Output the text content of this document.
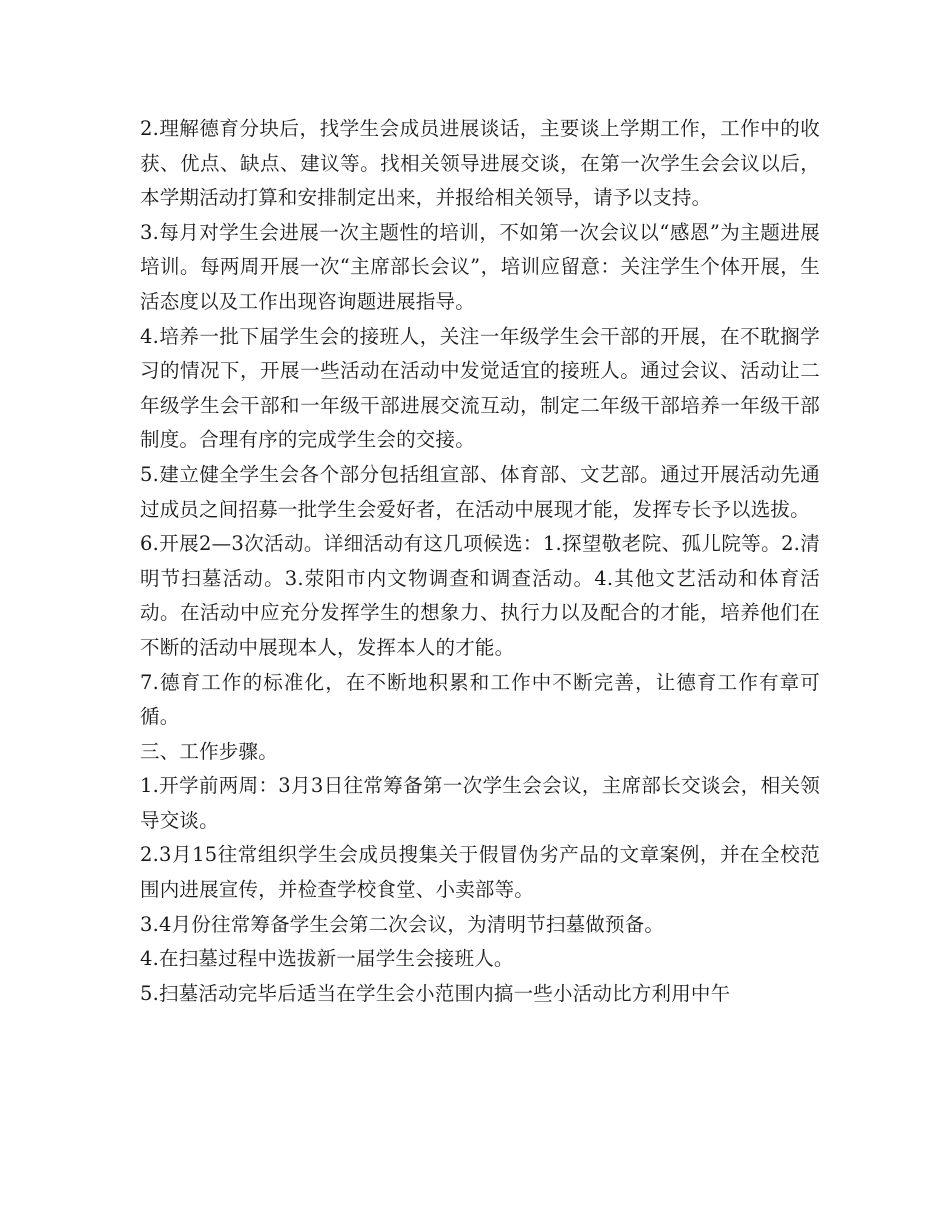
2.理解德育分块后，找学生会成员进展谈话，主要谈上学期工作，工作中的收获、优点、缺点、建议等。找相关领导进展交谈，在第一次学生会会议以后，本学期活动打算和安排制定出来，并报给相关领导，请予以支持。

3.每月对学生会进展一次主题性的培训，不如第一次会议以“感恩”为主题进展培训。每两周开展一次“主席部长会议”，培训应留意：关注学生个体开展，生活态度以及工作出现咨询题进展指导。

4.培养一批下届学生会的接班人，关注一年级学生会干部的开展，在不耽搁学习的情况下，开展一些活动在活动中发觉适宜的接班人。通过会议、活动让二年级学生会干部和一年级干部进展交流互动，制定二年级干部培养一年级干部制度。合理有序的完成学生会的交接。

5.建立健全学生会各个部分包括组宣部、体育部、文艺部。通过开展活动先通过成员之间招募一批学生会爱好者，在活动中展现才能，发挥专长予以选拔。

6.开展2—3次活动。详细活动有这几项候选：1.探望敬老院、孤儿院等。2.清明节扫墓活动。3.荥阳市内文物调查和调查活动。4.其他文艺活动和体育活动。在活动中应充分发挥学生的想象力、执行力以及配合的才能，培养他们在不断的活动中展现本人，发挥本人的才能。

7.德育工作的标准化，在不断地积累和工作中不断完善，让德育工作有章可循。

三、工作步骤。

1.开学前两周：3月3日往常筹备第一次学生会会议，主席部长交谈会，相关领导交谈。

2.3月15往常组织学生会成员搜集关于假冒伪劣产品的文章案例，并在全校范围内进展宣传，并检查学校食堂、小卖部等。

3.4月份往常筹备学生会第二次会议，为清明节扫墓做预备。

4.在扫墓过程中选拔新一届学生会接班人。

5.扫墓活动完毕后适当在学生会小范围内搞一些小活动比方利用中午
